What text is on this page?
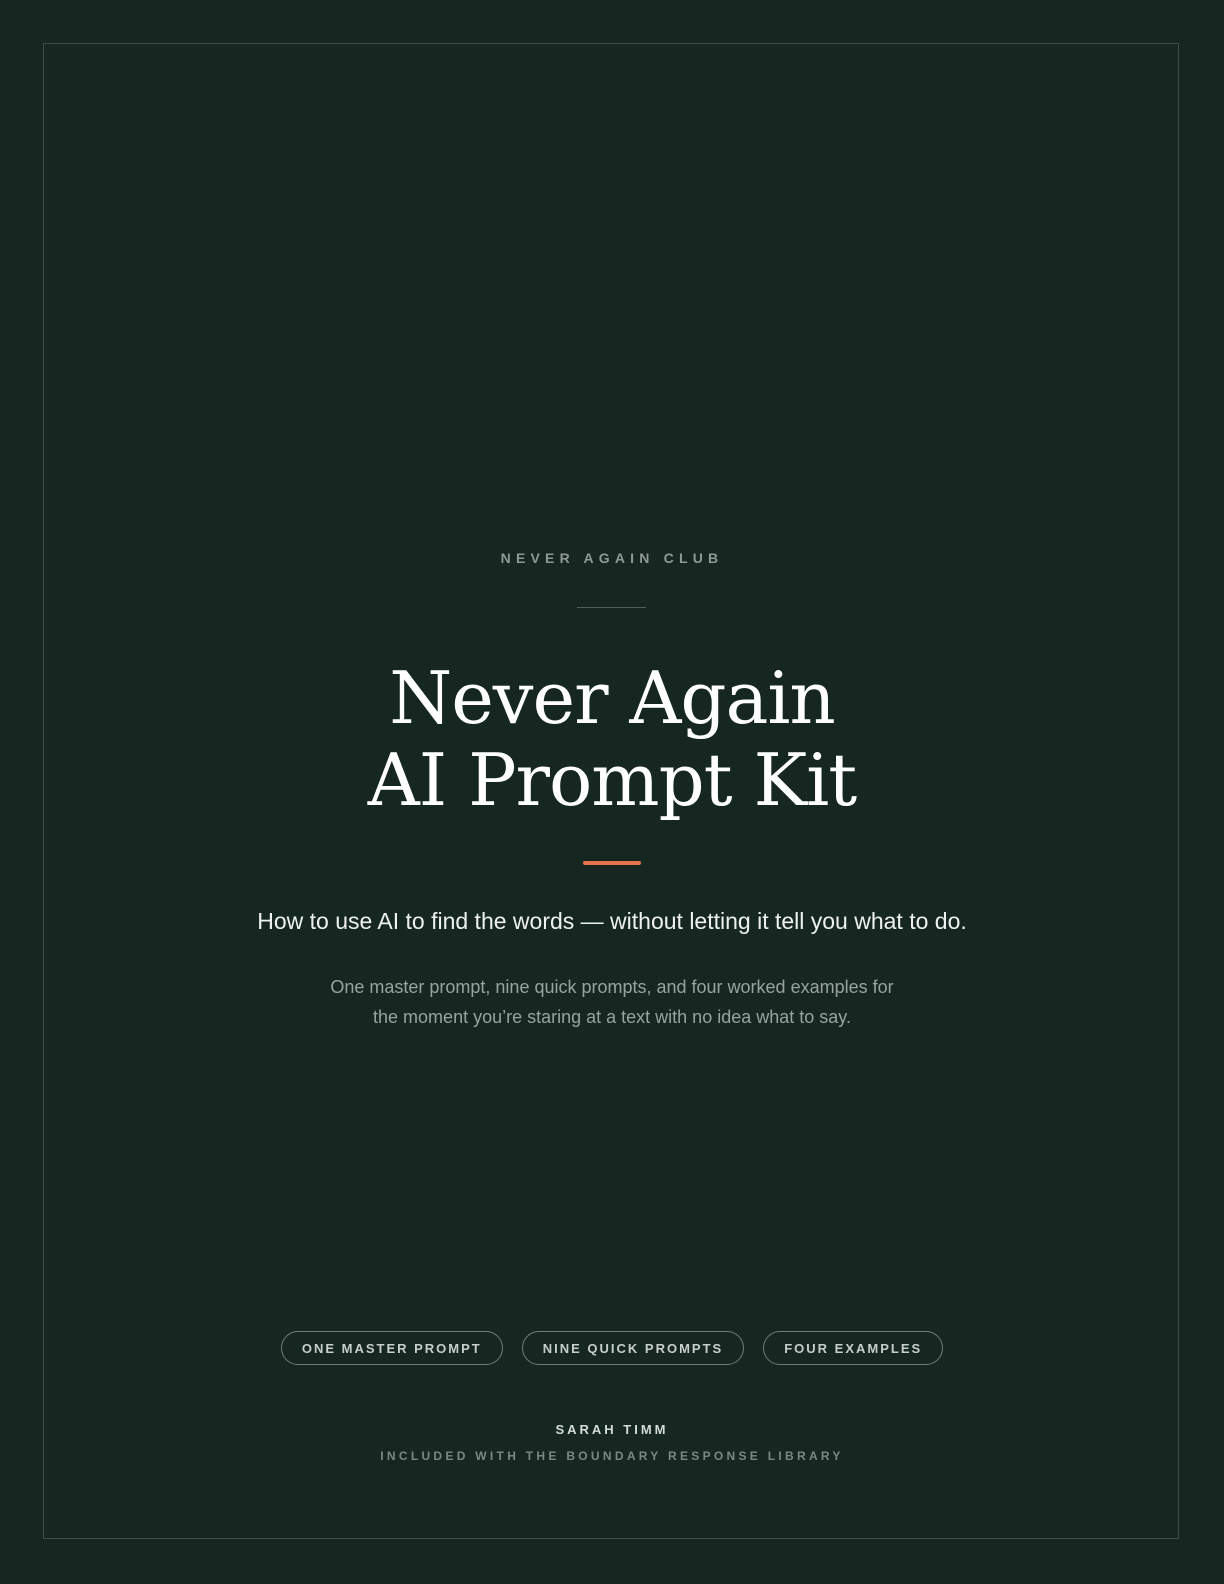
NEVER AGAIN CLUB
Never Again
AI Prompt Kit
How to use AI to find the words — without letting it tell you what to do.
One master prompt, nine quick prompts, and four worked examples for
the moment you’re staring at a text with no idea what to say.
ONE MASTER PROMPT	NINE QUICK PROMPTS	FOUR EXAMPLES
SARAH TIMM
INCLUDED WITH THE BOUNDARY RESPONSE LIBRARY
